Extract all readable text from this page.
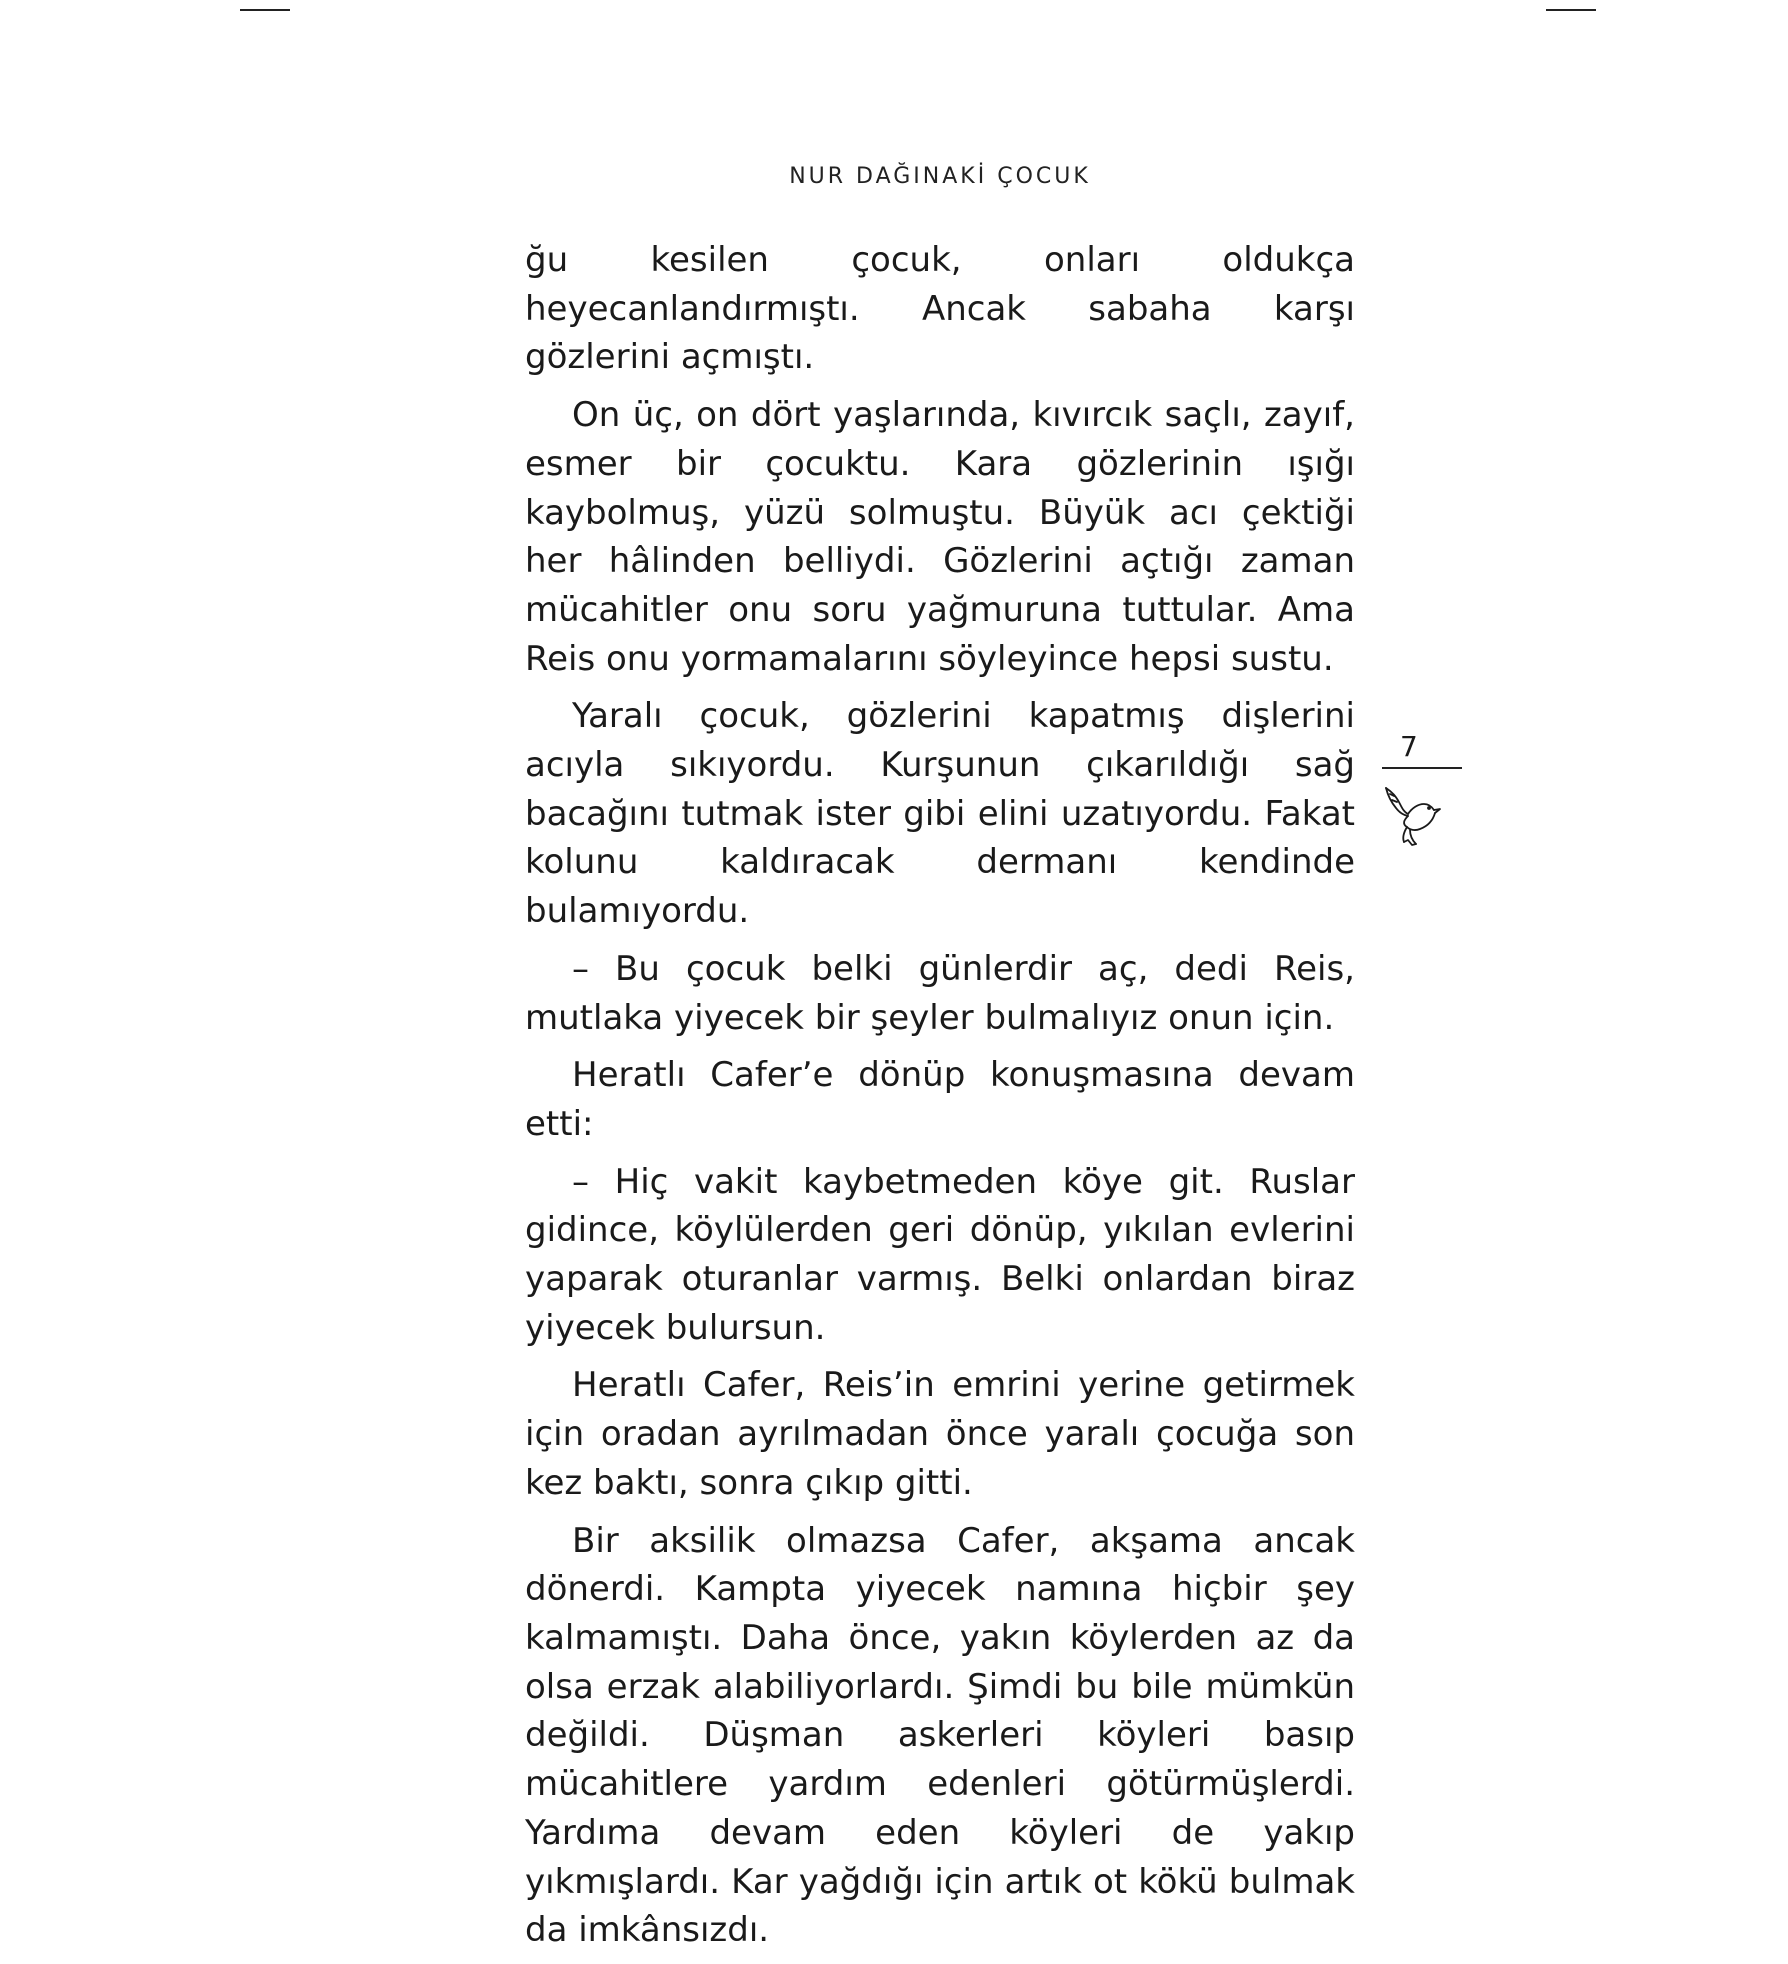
NUR DAĞINAKİ ÇOCUK

ğu kesilen çocuk, onları oldukça heyecanlandırmıştı. Ancak sabaha karşı gözlerini açmıştı.

On üç, on dört yaşlarında, kıvırcık saçlı, zayıf, esmer bir çocuktu. Kara gözlerinin ışığı kaybolmuş, yüzü solmuştu. Büyük acı çektiği her hâlinden belliydi. Gözlerini açtığı zaman mücahitler onu soru yağmuruna tuttular. Ama Reis onu yormamalarını söyleyince hepsi sustu.

Yaralı çocuk, gözlerini kapatmış dişlerini acıyla sıkıyordu. Kurşunun çıkarıldığı sağ bacağını tutmak ister gibi elini uzatıyordu. Fakat kolunu kaldıracak dermanı kendinde bulamıyordu.

– Bu çocuk belki günlerdir aç, dedi Reis, mutlaka yiyecek bir şeyler bulmalıyız onun için.

Heratlı Cafer’e dönüp konuşmasına devam etti:

– Hiç vakit kaybetmeden köye git. Ruslar gidince, köylülerden geri dönüp, yıkılan evlerini yaparak oturanlar varmış. Belki onlardan biraz yiyecek bulursun.

Heratlı Cafer, Reis’in emrini yerine getirmek için oradan ayrılmadan önce yaralı çocuğa son kez baktı, sonra çıkıp gitti.

Bir aksilik olmazsa Cafer, akşama ancak dönerdi. Kampta yiyecek namına hiçbir şey kalmamıştı. Daha önce, yakın köylerden az da olsa erzak alabiliyorlardı. Şimdi bu bile mümkün değildi. Düşman askerleri köyleri basıp mücahitlere yardım edenleri götürmüşlerdi. Yardıma devam eden köyleri de yakıp yıkmışlardı. Kar yağdığı için artık ot kökü bulmak da imkânsızdı.

7
